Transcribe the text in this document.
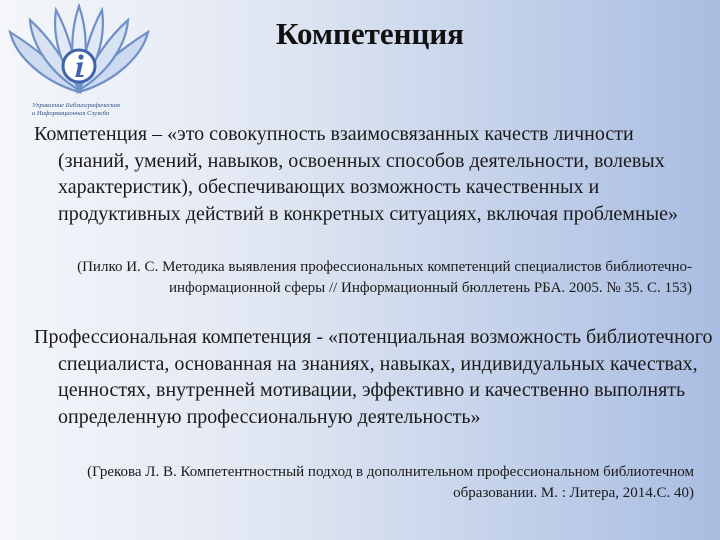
Управление Библиографическая
и Информационная Служба
Компетенция

Компетенция – «это совокупность взаимосвязанных качеств личности (знаний, умений, навыков, освоенных способов деятельности, волевых характеристик), обеспечивающих возможность качественных и продуктивных действий в конкретных ситуациях, включая проблемные»

(Пилко И. С. Методика выявления профессиональных компетенций специалистов библиотечно-информационной сферы // Информационный бюллетень РБА. 2005. № 35. С. 153)

Профессиональная компетенция - «потенциальная возможность библиотечного специалиста, основанная на знаниях, навыках, индивидуальных качествах, ценностях, внутренней мотивации, эффективно и качественно выполнять определенную профессиональную деятельность»

(Грекова Л. В. Компетентностный подход в дополнительном профессиональном библиотечном образовании. М. : Литера, 2014.С. 40)
